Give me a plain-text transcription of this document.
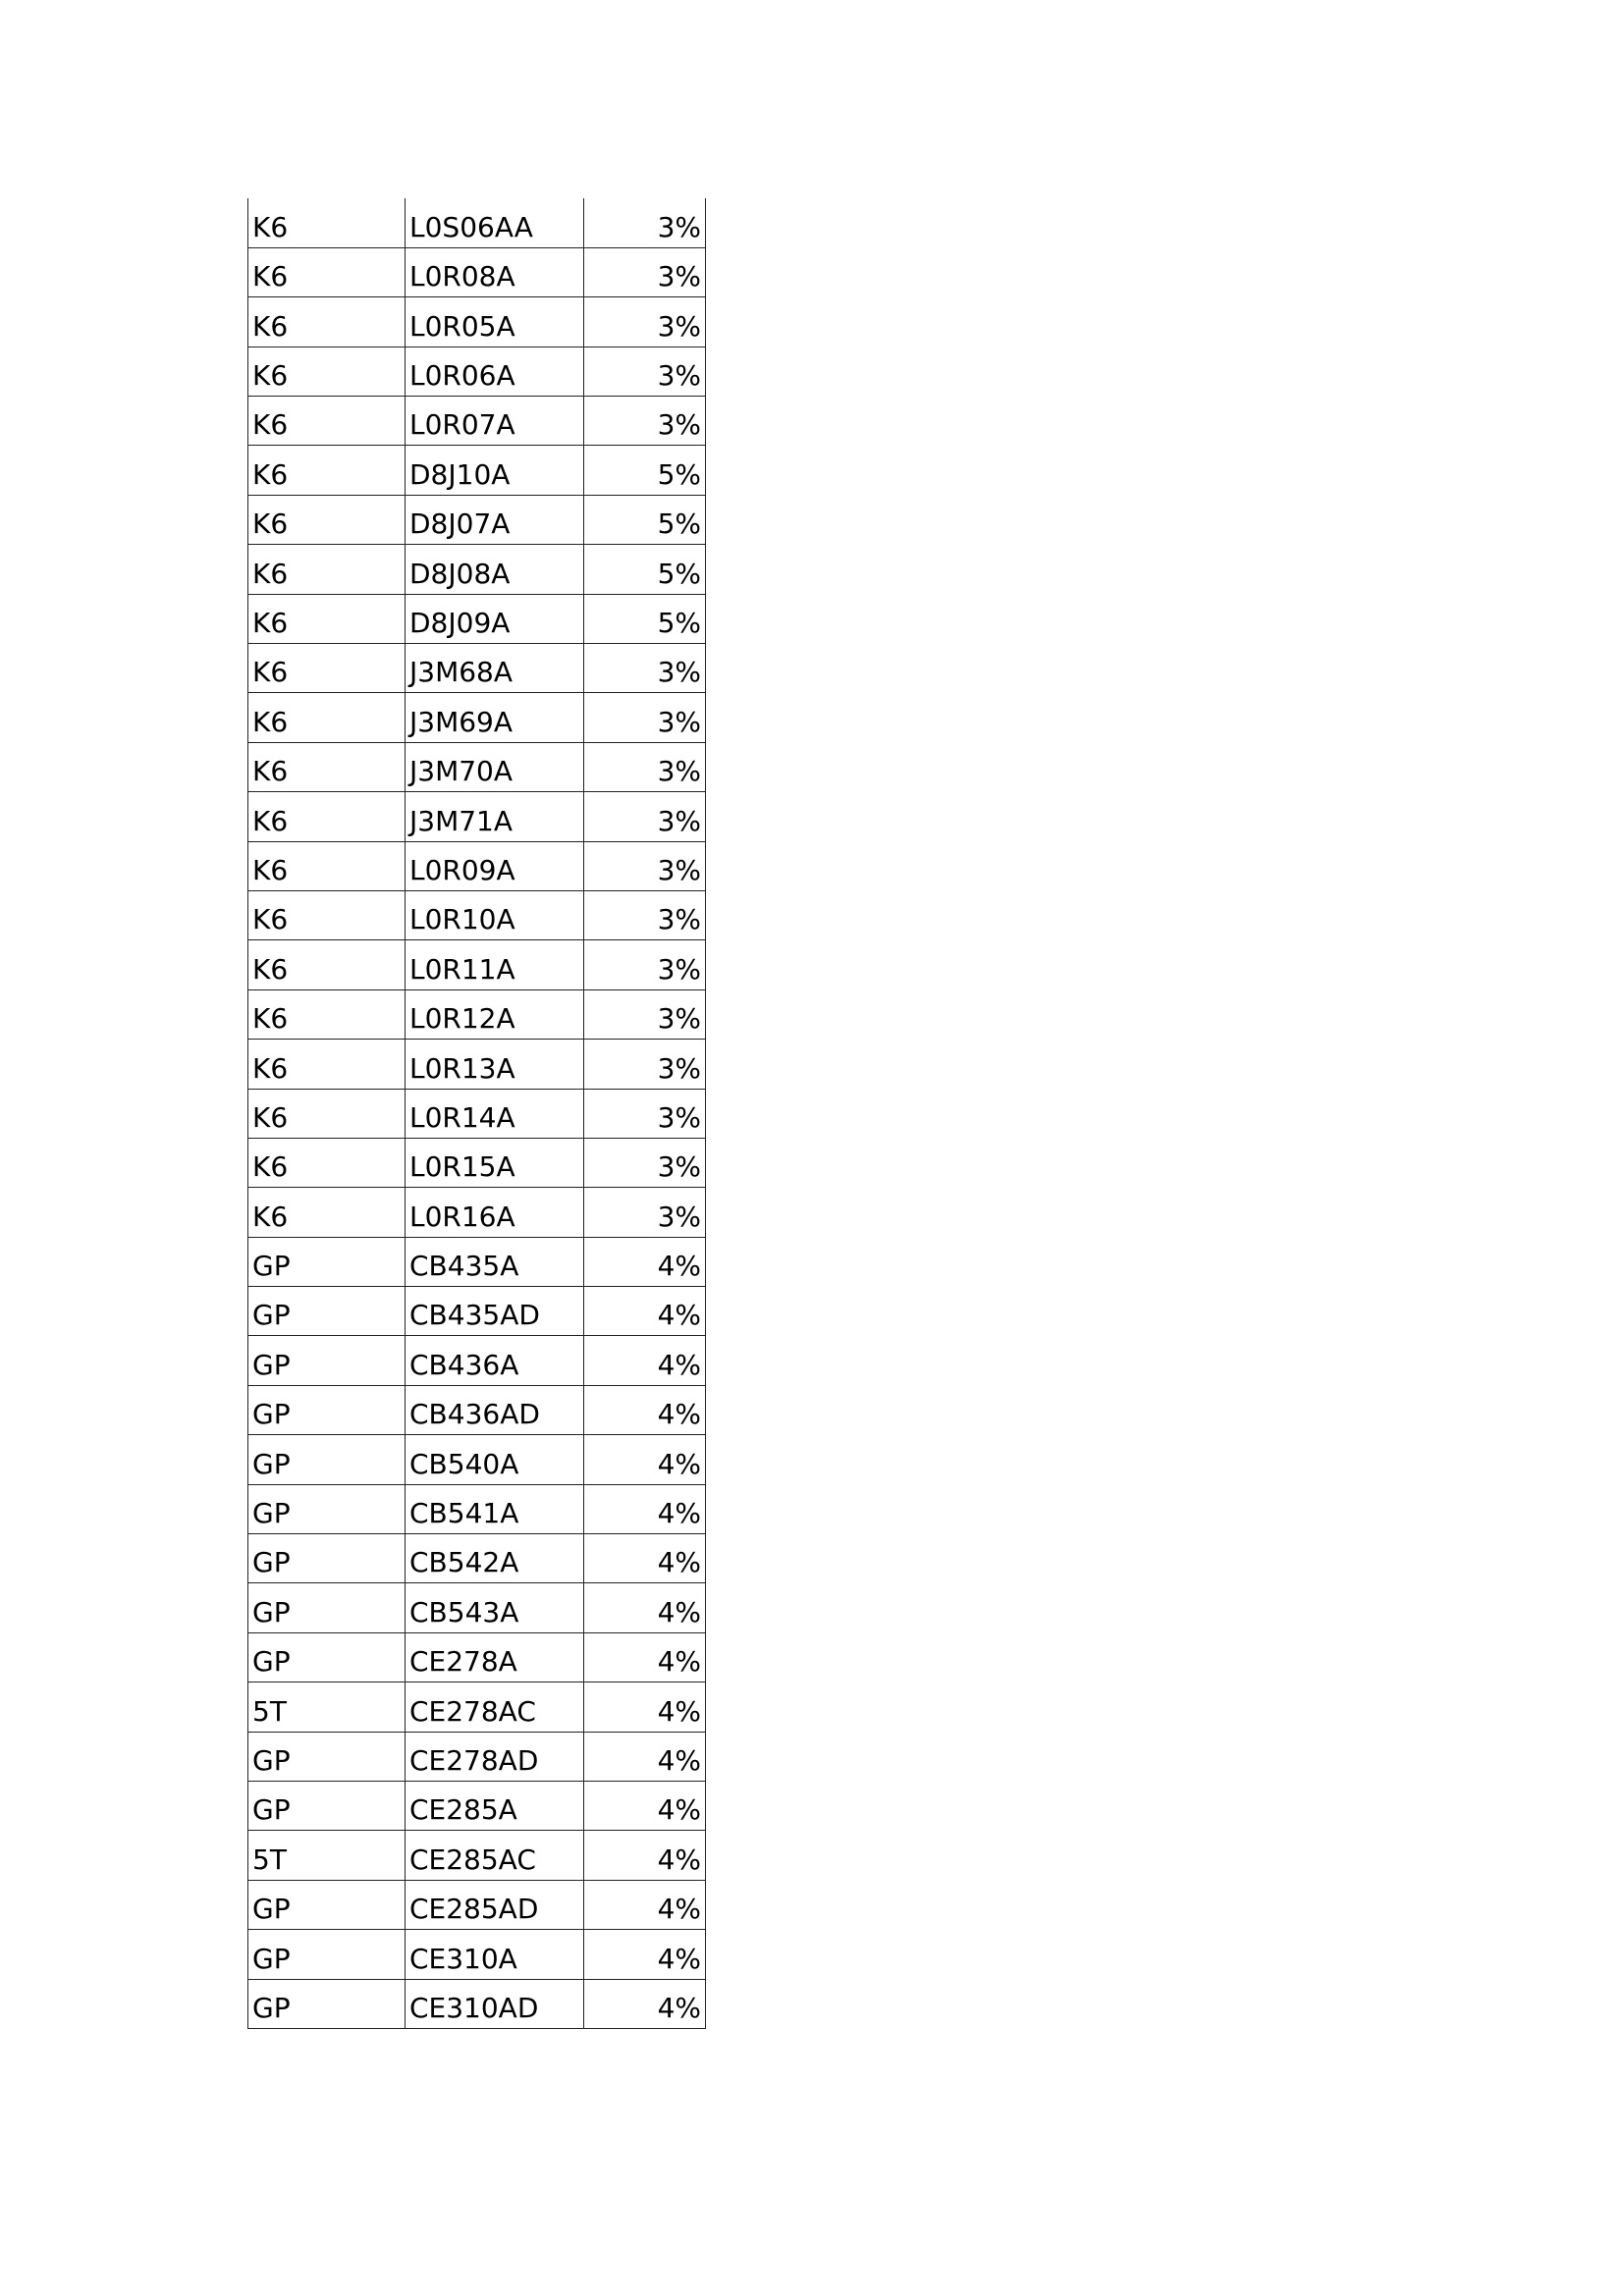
K6	L0S06AA	3%
K6	L0R08A	3%
K6	L0R05A	3%
K6	L0R06A	3%
K6	L0R07A	3%
K6	D8J10A	5%
K6	D8J07A	5%
K6	D8J08A	5%
K6	D8J09A	5%
K6	J3M68A	3%
K6	J3M69A	3%
K6	J3M70A	3%
K6	J3M71A	3%
K6	L0R09A	3%
K6	L0R10A	3%
K6	L0R11A	3%
K6	L0R12A	3%
K6	L0R13A	3%
K6	L0R14A	3%
K6	L0R15A	3%
K6	L0R16A	3%
GP	CB435A	4%
GP	CB435AD	4%
GP	CB436A	4%
GP	CB436AD	4%
GP	CB540A	4%
GP	CB541A	4%
GP	CB542A	4%
GP	CB543A	4%
GP	CE278A	4%
5T	CE278AC	4%
GP	CE278AD	4%
GP	CE285A	4%
5T	CE285AC	4%
GP	CE285AD	4%
GP	CE310A	4%
GP	CE310AD	4%
